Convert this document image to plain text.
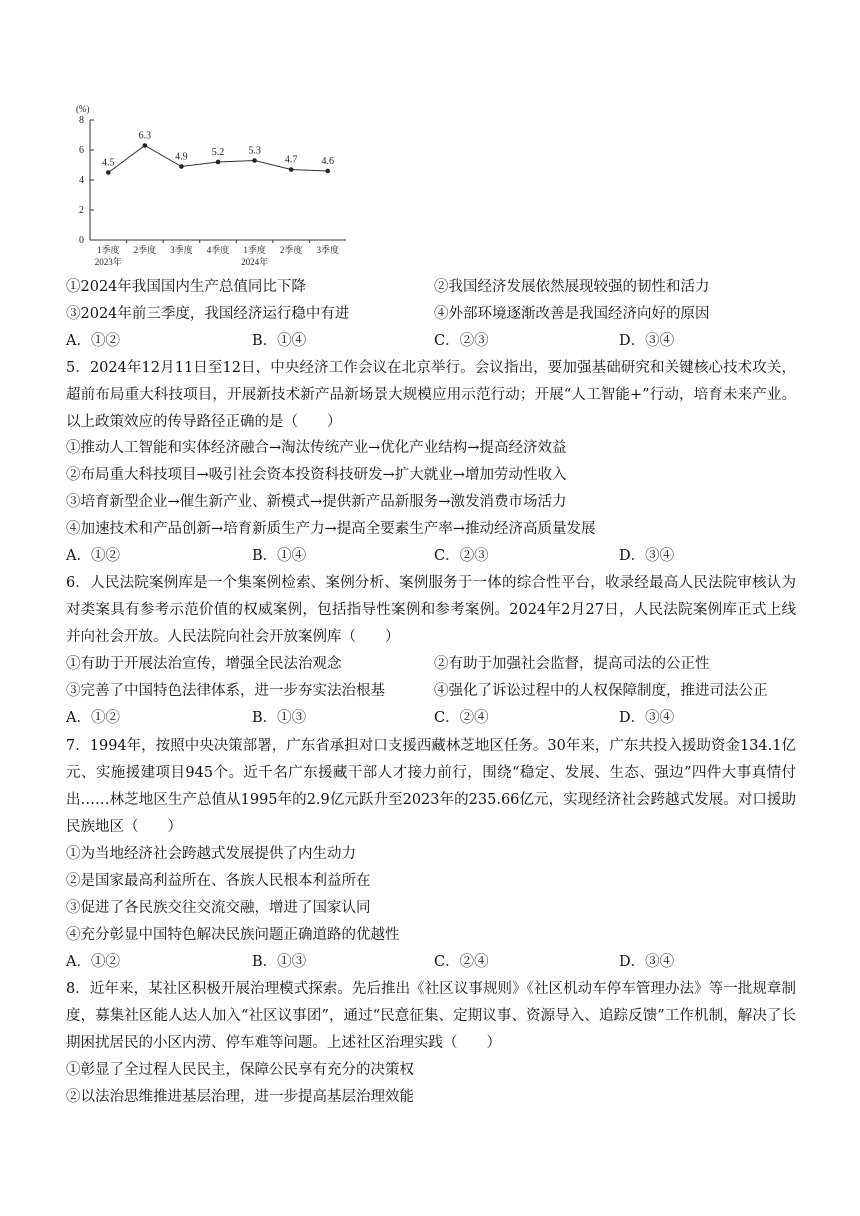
(%)
0
2
4
6
8
1季度 2季度 3季度 4季度 1季度 2季度 3季度
2023年	2024年
4.5
6.3
4.9 5.2 5.3
4.7 4.6
①2024年我国国内生产总值同比下降	②我国经济发展依然展现较强的韧性和活力
③2024年前三季度，我国经济运行稳中有进	④外部环境逐渐改善是我国经济向好的原因
A．①②	B．①④	C．②③	D．③④
5．2024年12月11日至12日，中央经济工作会议在北京举行。会议指出，要加强基础研究和关键核心技术攻关，超前布局重大科技项目，开展新技术新产品新场景大规模应用示范行动；开展“人工智能+”行动，培育未来产业。以上政策效应的传导路径正确的是（　　）
①推动人工智能和实体经济融合→淘汰传统产业→优化产业结构→提高经济效益
②布局重大科技项目→吸引社会资本投资科技研发→扩大就业→增加劳动性收入
③培育新型企业→催生新产业、新模式→提供新产品新服务→激发消费市场活力
④加速技术和产品创新→培育新质生产力→提高全要素生产率→推动经济高质量发展
A．①②	B．①④	C．②③	D．③④
6．人民法院案例库是一个集案例检索、案例分析、案例服务于一体的综合性平台，收录经最高人民法院审核认为对类案具有参考示范价值的权威案例，包括指导性案例和参考案例。2024年2月27日，人民法院案例库正式上线并向社会开放。人民法院向社会开放案例库（　　）
①有助于开展法治宣传，增强全民法治观念	②有助于加强社会监督，提高司法的公正性
③完善了中国特色法律体系，进一步夯实法治根基	④强化了诉讼过程中的人权保障制度，推进司法公正
A．①②	B．①③	C．②④	D．③④
7．1994年，按照中央决策部署，广东省承担对口支援西藏林芝地区任务。30年来，广东共投入援助资金134.1亿元、实施援建项目945个。近千名广东援藏干部人才接力前行，围绕“稳定、发展、生态、强边”四件大事真情付出……林芝地区生产总值从1995年的2.9亿元跃升至2023年的235.66亿元，实现经济社会跨越式发展。对口援助民族地区（　　）
①为当地经济社会跨越式发展提供了内生动力
②是国家最高利益所在、各族人民根本利益所在
③促进了各民族交往交流交融，增进了国家认同
④充分彰显中国特色解决民族问题正确道路的优越性
A．①②	B．①③	C．②④	D．③④
8．近年来，某社区积极开展治理模式探索。先后推出《社区议事规则》《社区机动车停车管理办法》等一批规章制度，募集社区能人达人加入“社区议事团”，通过“民意征集、定期议事、资源导入、追踪反馈”工作机制，解决了长期困扰居民的小区内涝、停车难等问题。上述社区治理实践（　　）
①彰显了全过程人民民主，保障公民享有充分的决策权
②以法治思维推进基层治理，进一步提高基层治理效能
